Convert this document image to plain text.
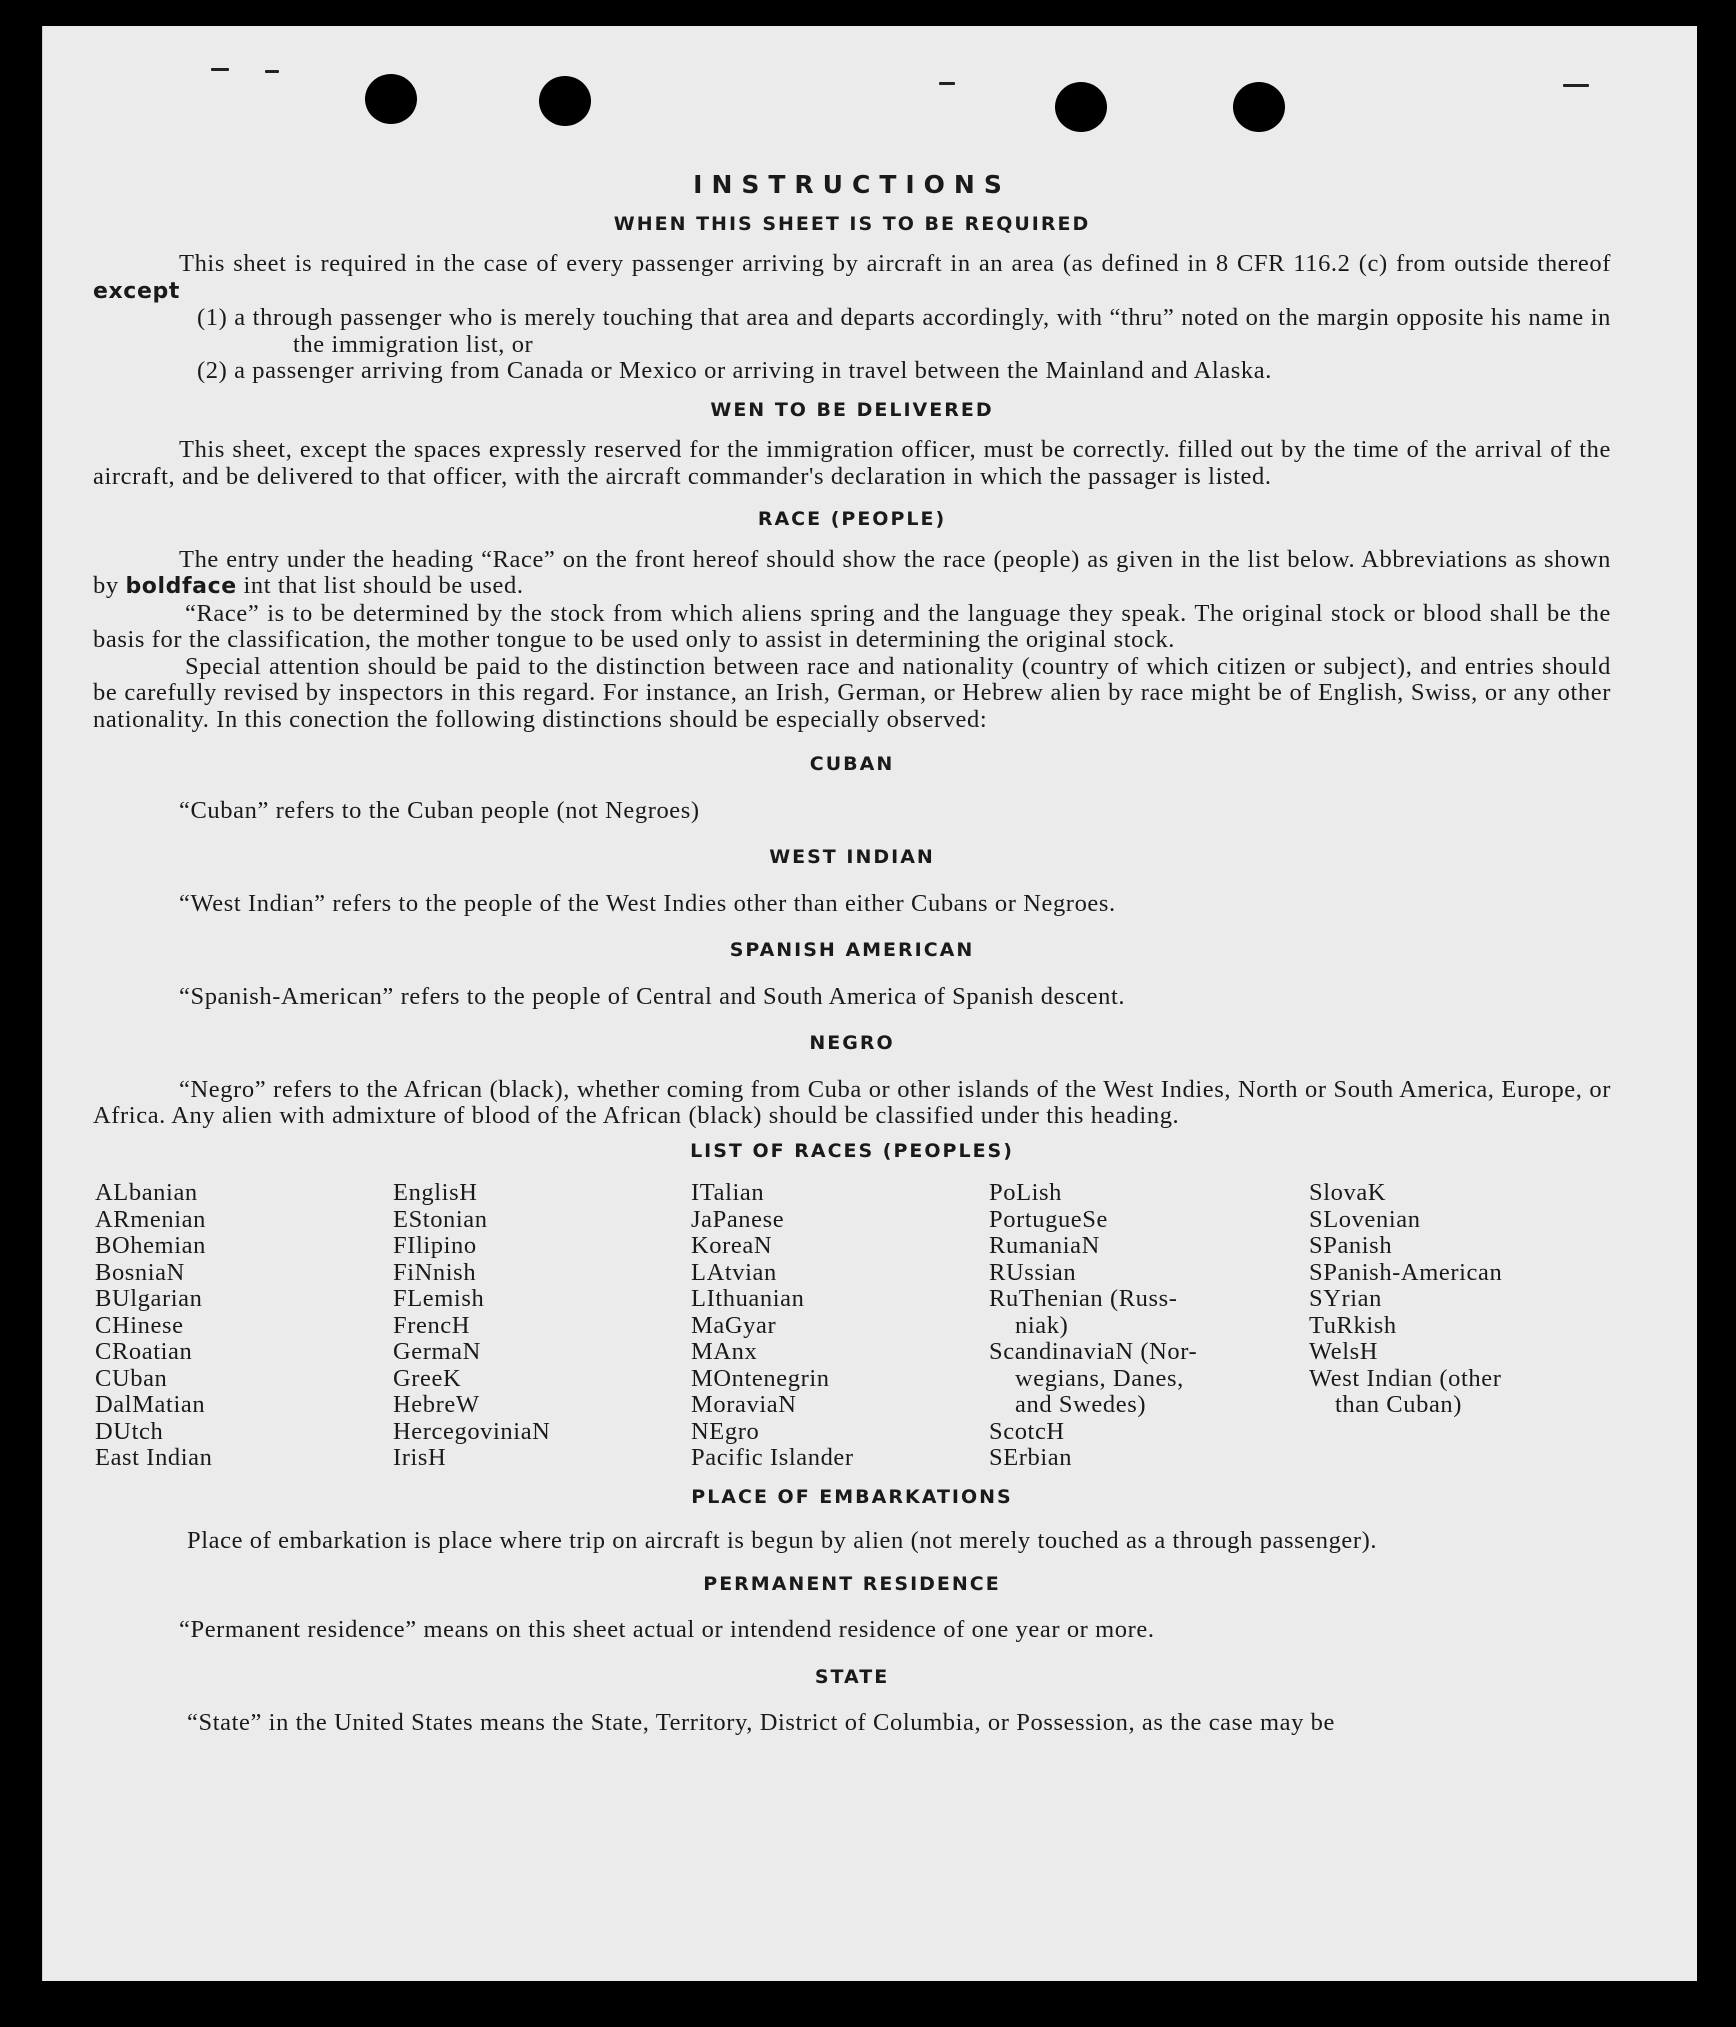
INSTRUCTIONS
WHEN THIS SHEET IS TO BE REQUIRED

This sheet is required in the case of every passenger arriving by aircraft in an area (as defined in 8 CFR 116.2 (c) from outside thereof except

(1) a through passenger who is merely touching that area and departs accordingly, with “thru” noted on the margin opposite his name in the immigration list, or

(2) a passenger arriving from Canada or Mexico or arriving in travel between the Mainland and Alaska.

WEN TO BE DELIVERED

This sheet, except the spaces expressly reserved for the immigration officer, must be correctly. filled out by the time of the arrival of the aircraft, and be delivered to that officer, with the aircraft commander's declaration in which the passager is listed.

RACE (PEOPLE)

The entry under the heading “Race” on the front hereof should show the race (people) as given in the list below. Abbreviations as shown by boldface int that list should be used.

“Race” is to be determined by the stock from which aliens spring and the language they speak. The original stock or blood shall be the basis for the classification, the mother tongue to be used only to assist in determining the original stock.

Special attention should be paid to the distinction between race and nationality (country of which citizen or subject), and entries should be carefully revised by inspectors in this regard. For instance, an Irish, German, or Hebrew alien by race might be of English, Swiss, or any other nationality. In this conection the following distinctions should be especially observed:

CUBAN

“Cuban” refers to the Cuban people (not Negroes)

WEST INDIAN

“West Indian” refers to the people of the West Indies other than either Cubans or Negroes.

SPANISH AMERICAN

“Spanish-American” refers to the people of Central and South America of Spanish descent.

NEGRO

“Negro” refers to the African (black), whether coming from Cuba or other islands of the West Indies, North or South America, Europe, or Africa. Any alien with admixture of blood of the African (black) should be classified under this heading.

LIST OF RACES (PEOPLES)
ALbanian
ARmenian
BOhemian
BosniaN
BUlgarian
CHinese
CRoatian
CUban
DalMatian
DUtch
East Indian
EnglisH
EStonian
FIlipino
FiNnish
FLemish
FrencH
GermaN
GreeK
HebreW
HercegoviniaN
IrisH
ITalian
JaPanese
KoreaN
LAtvian
LIthuanian
MaGyar
MAnx
MOntenegrin
MoraviaN
NEgro
Pacific Islander
PoLish
PortugueSe
RumaniaN
RUssian
RuThenian (Russ-
niak)
ScandinaviaN (Nor-
wegians, Danes,
and Swedes)
ScotcH
SErbian
SlovaK
SLovenian
SPanish
SPanish-American
SYrian
TuRkish
WelsH
West Indian (other
than Cuban)
PLACE OF EMBARKATIONS

Place of embarkation is place where trip on aircraft is begun by alien (not merely touched as a through passenger).

PERMANENT RESIDENCE

“Permanent residence” means on this sheet actual or intendend residence of one year or more.

STATE

“State” in the United States means the State, Territory, District of Columbia, or Possession, as the case may be
